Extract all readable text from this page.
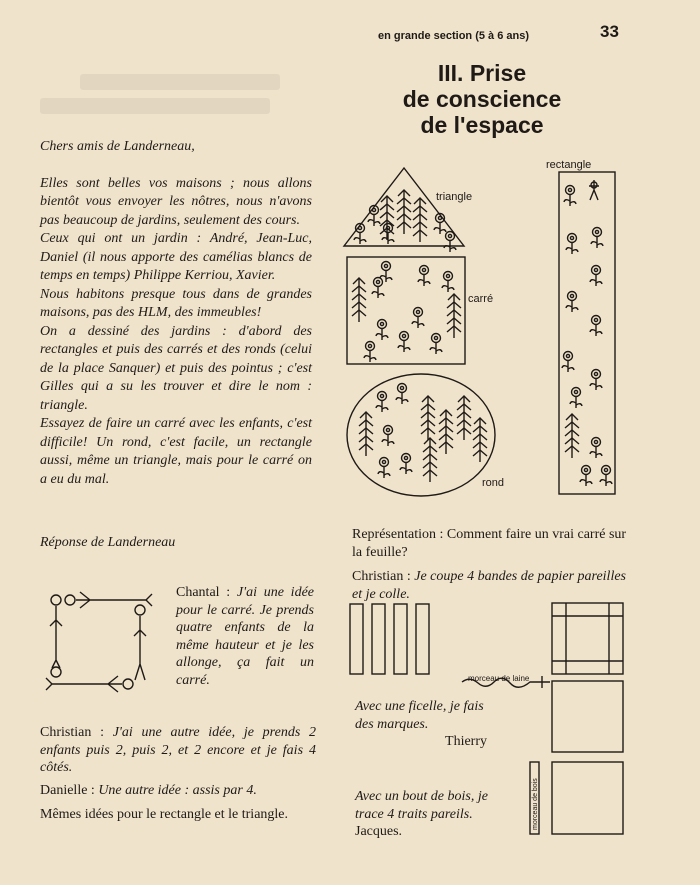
en grande section (5 à 6 ans)	33
III. Prise
de conscience
de l'espace

Chers amis de Landerneau,

Elles sont belles vos maisons ; nous allons bientôt vous envoyer les nôtres, nous n'avons pas beaucoup de jardins, seulement des cours.

Ceux qui ont un jardin : André, Jean-Luc, Daniel (il nous apporte des camélias blancs de temps en temps) Philippe Kerriou, Xavier.

Nous habitons presque tous dans de grandes maisons, pas des HLM, des immeubles!

On a dessiné des jardins : d'abord des rectangles et puis des carrés et des ronds (celui de la place Sanquer) et puis des pointus ; c'est Gilles qui a su les trouver et dire le nom : triangle.

Essayez de faire un carré avec les enfants, c'est difficile! Un rond, c'est facile, un rectangle aussi, même un triangle, mais pour le carré on a eu du mal.

Réponse de Landerneau

Chantal : J'ai une idée pour le carré. Je prends quatre enfants de la même hauteur et je les allonge, ça fait un carré.

Christian : J'ai une autre idée, je prends 2 enfants puis 2, puis 2, et 2 encore et je fais 4 côtés.

Danielle : Une autre idée : assis par 4.

Mêmes idées pour le rectangle et le triangle.

Représentation : Comment faire un vrai carré sur la feuille?

Christian : Je coupe 4 bandes de papier pareilles et je colle.

Avec une ficelle, je fais des marques.

Thierry

Avec un bout de bois, je trace 4 traits pareils. Jacques.

triangle
carré
rond
rectangle
morceau de laine
morceau de bois
